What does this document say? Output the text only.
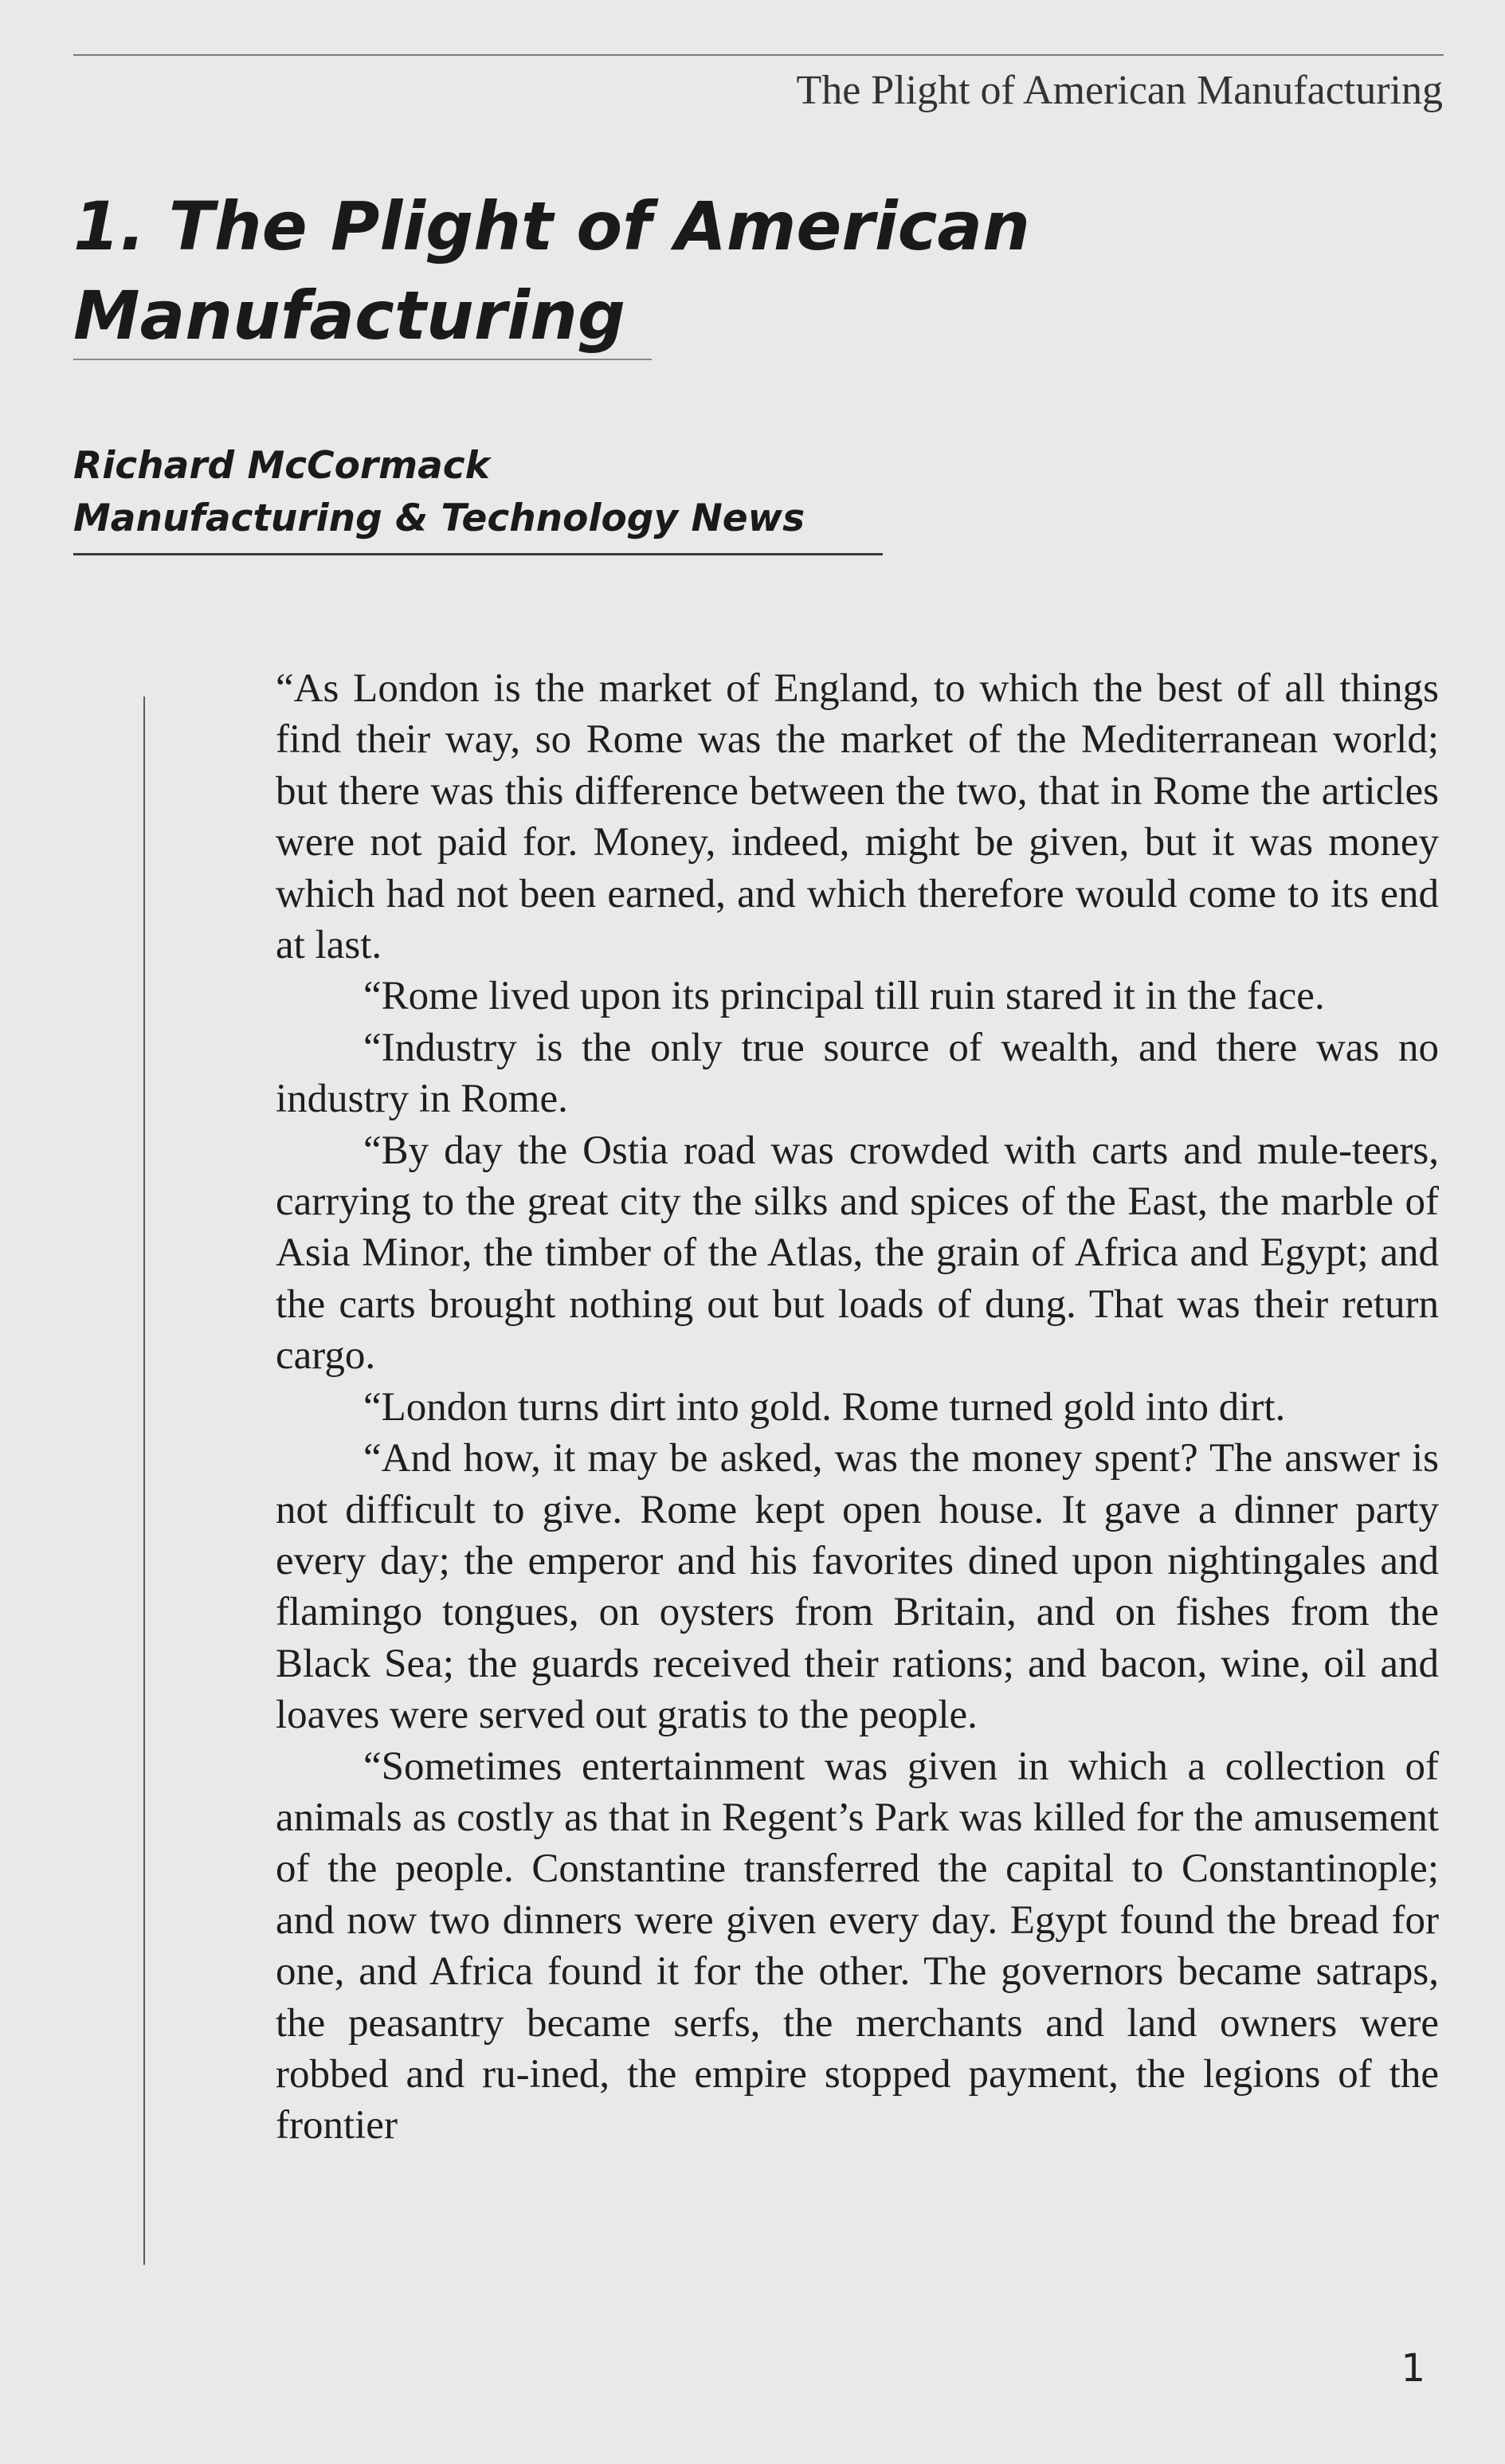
The Plight of American Manufacturing
1. The Plight of American Manufacturing
Richard McCormack
Manufacturing & Technology News

“As London is the market of England, to which the best of all things find their way, so Rome was the market of the Mediterranean world; but there was this difference between the two, that in Rome the articles were not paid for. Money, indeed, might be given, but it was money which had not been earned, and which therefore would come to its end at last.

“Rome lived upon its principal till ruin stared it in the face.

“Industry is the only true source of wealth, and there was no industry in Rome.

“By day the Ostia road was crowded with carts and mule-teers, carrying to the great city the silks and spices of the East, the marble of Asia Minor, the timber of the Atlas, the grain of Africa and Egypt; and the carts brought nothing out but loads of dung. That was their return cargo.

“London turns dirt into gold. Rome turned gold into dirt.

“And how, it may be asked, was the money spent? The answer is not difficult to give. Rome kept open house. It gave a dinner party every day; the emperor and his favorites dined upon nightingales and flamingo tongues, on oysters from Britain, and on fishes from the Black Sea; the guards received their rations; and bacon, wine, oil and loaves were served out gratis to the people.

“Sometimes entertainment was given in which a collection of animals as costly as that in Regent’s Park was killed for the amusement of the people. Constantine transferred the capital to Constantinople; and now two dinners were given every day. Egypt found the bread for one, and Africa found it for the other. The governors became satraps, the peasantry became serfs, the merchants and land owners were robbed and ru-ined, the empire stopped payment, the legions of the frontier

1
